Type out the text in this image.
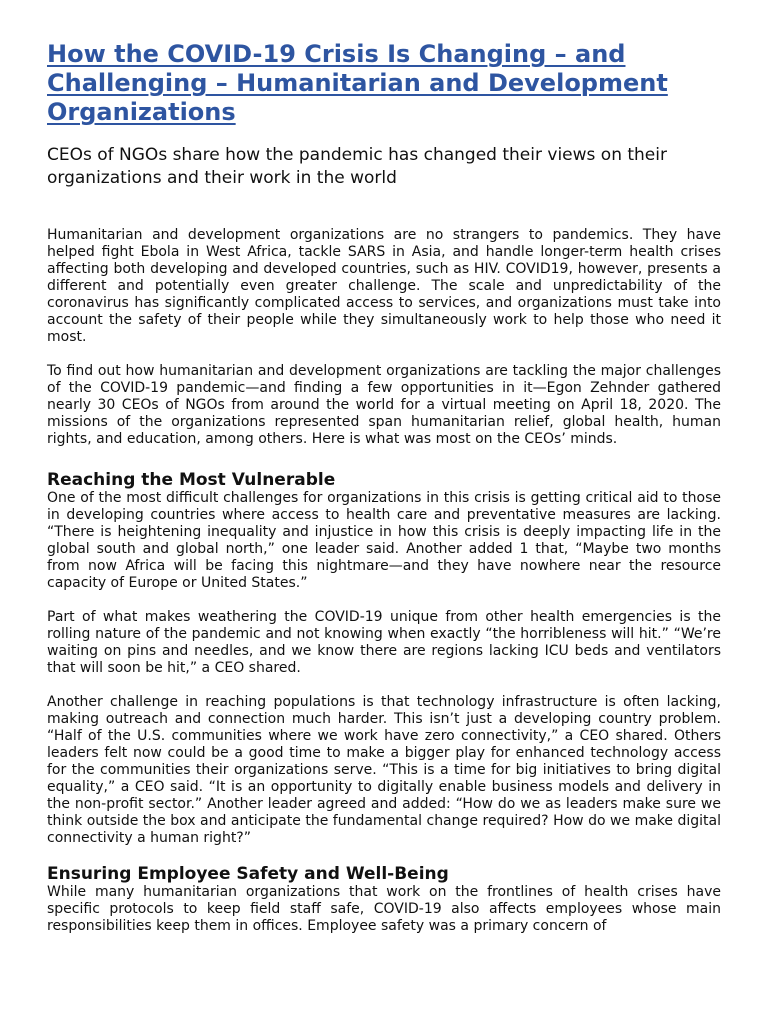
How the COVID-19 Crisis Is Changing – and Challenging – Humanitarian and Development Organizations

CEOs of NGOs share how the pandemic has changed their views on their organizations and their work in the world

Humanitarian and development organizations are no strangers to pandemics. They have helped fight Ebola in West Africa, tackle SARS in Asia, and handle longer-term health crises affecting both developing and developed countries, such as HIV. COVID19, however, presents a different and potentially even greater challenge. The scale and unpredictability of the coronavirus has significantly complicated access to services, and organizations must take into account the safety of their people while they simultaneously work to help those who need it most.

To find out how humanitarian and development organizations are tackling the major challenges of the COVID-19 pandemic—and finding a few opportunities in it—Egon Zehnder gathered nearly 30 CEOs of NGOs from around the world for a virtual meeting on April 18, 2020. The missions of the organizations represented span humanitarian relief, global health, human rights, and education, among others. Here is what was most on the CEOs’ minds.

Reaching the Most Vulnerable

One of the most difficult challenges for organizations in this crisis is getting critical aid to those in developing countries where access to health care and preventative measures are lacking. “There is heightening inequality and injustice in how this crisis is deeply impacting life in the global south and global north,” one leader said. Another added 1 that, “Maybe two months from now Africa will be facing this nightmare—and they have nowhere near the resource capacity of Europe or United States.”

Part of what makes weathering the COVID-19 unique from other health emergencies is the rolling nature of the pandemic and not knowing when exactly “the horribleness will hit.” “We’re waiting on pins and needles, and we know there are regions lacking ICU beds and ventilators that will soon be hit,” a CEO shared.

Another challenge in reaching populations is that technology infrastructure is often lacking, making outreach and connection much harder. This isn’t just a developing country problem. “Half of the U.S. communities where we work have zero connectivity,” a CEO shared. Others leaders felt now could be a good time to make a bigger play for enhanced technology access for the communities their organizations serve. “This is a time for big initiatives to bring digital equality,” a CEO said. “It is an opportunity to digitally enable business models and delivery in the non-profit sector.” Another leader agreed and added: “How do we as leaders make sure we think outside the box and anticipate the fundamental change required? How do we make digital connectivity a human right?”

Ensuring Employee Safety and Well-Being

While many humanitarian organizations that work on the frontlines of health crises have specific protocols to keep field staff safe, COVID-19 also affects employees whose main responsibilities keep them in offices. Employee safety was a primary concern of
